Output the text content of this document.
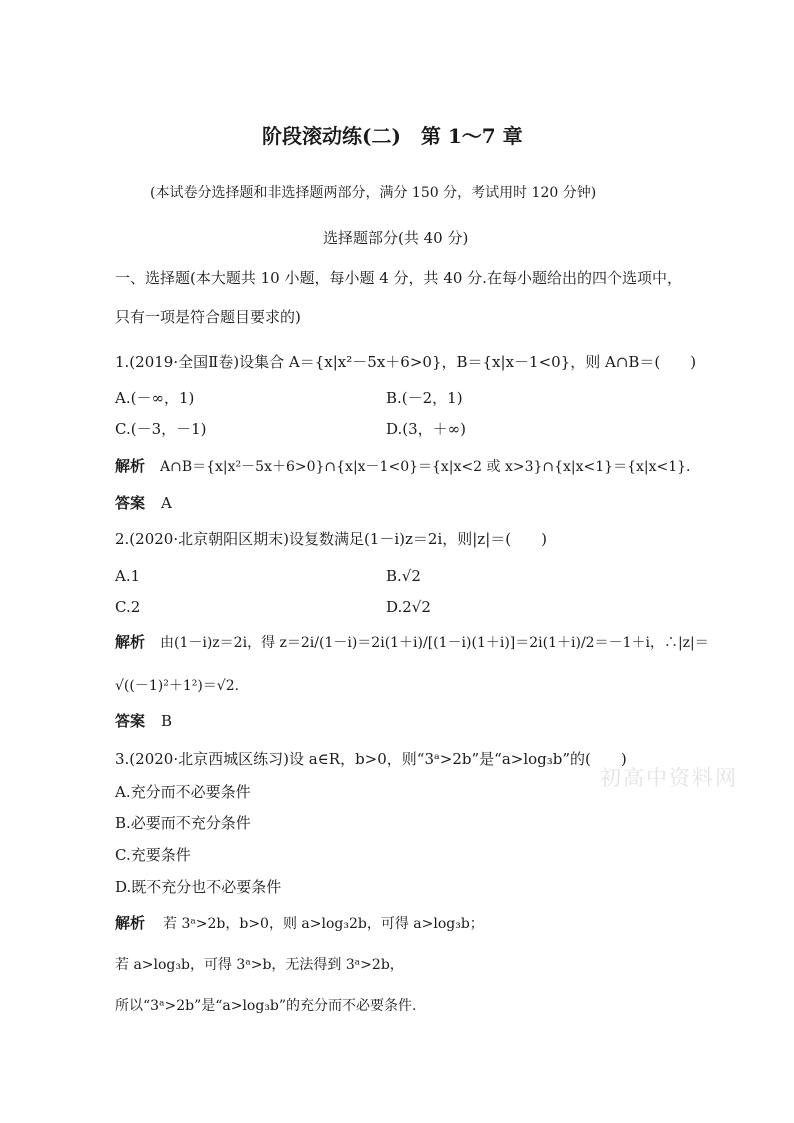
阶段滚动练(二)　第 1～7 章
(本试卷分选择题和非选择题两部分，满分 150 分，考试用时 120 分钟)
选择题部分(共 40 分)
一、选择题(本大题共 10 小题，每小题 4 分，共 40 分.在每小题给出的四个选项中，
只有一项是符合题目要求的)
1.(2019·全国Ⅱ卷)设集合 A＝{x|x²－5x＋6>0}，B＝{x|x－1<0}，则 A∩B＝(　　)
A.(－∞，1)	B.(－2，1)
C.(－3，－1)	D.(3，＋∞)
解析 A∩B＝{x|x²－5x＋6>0}∩{x|x－1<0}＝{x|x<2 或 x>3}∩{x|x<1}＝{x|x<1}.
答案 A
2.(2020·北京朝阳区期末)设复数满足(1－i)z＝2i，则|z|＝(　　)
A.1	B.√2
C.2	D.2√2
解析 由(1－i)z＝2i，得 z＝2i/(1－i)＝2i(1＋i)/[(1－i)(1＋i)]＝2i(1＋i)/2＝－1＋i，∴|z|＝
√((－1)²＋1²)＝√2.
答案 B
3.(2020·北京西城区练习)设 a∈R，b>0，则“3ᵃ>2b”是“a>log₃b”的(　　)
A.充分而不必要条件
B.必要而不充分条件
C.充要条件
D.既不充分也不必要条件
解析 若 3ᵃ>2b，b>0，则 a>log₃2b，可得 a>log₃b；
若 a>log₃b，可得 3ᵃ>b，无法得到 3ᵃ>2b，
所以“3ᵃ>2b”是“a>log₃b”的充分而不必要条件.
初高中资料网
